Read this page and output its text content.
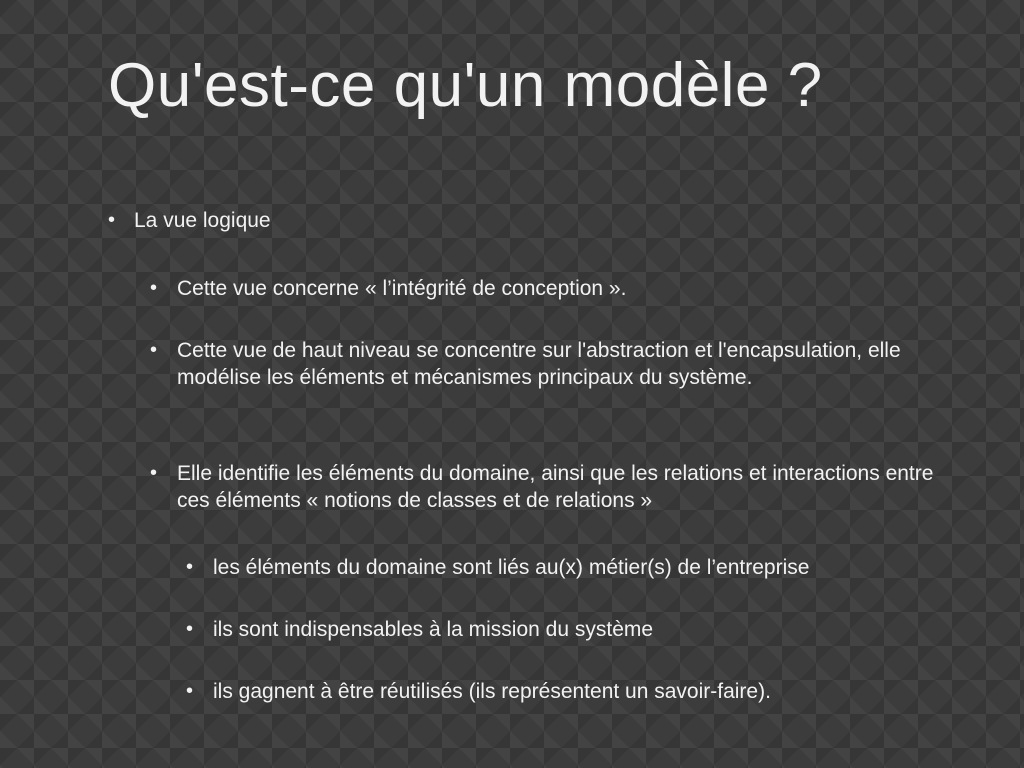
Qu'est-ce qu'un modèle ?
• La vue logique
• Cette vue concerne « l’intégrité de conception ».
• Cette vue de haut niveau se concentre sur l'abstraction et l'encapsulation, elle modélise les éléments et mécanismes principaux du système.
• Elle identifie les éléments du domaine, ainsi que les relations et interactions entre ces éléments « notions de classes et de relations »
• les éléments du domaine sont liés au(x) métier(s) de l’entreprise
• ils sont indispensables à la mission du système
• ils gagnent à être réutilisés (ils représentent un savoir-faire).
